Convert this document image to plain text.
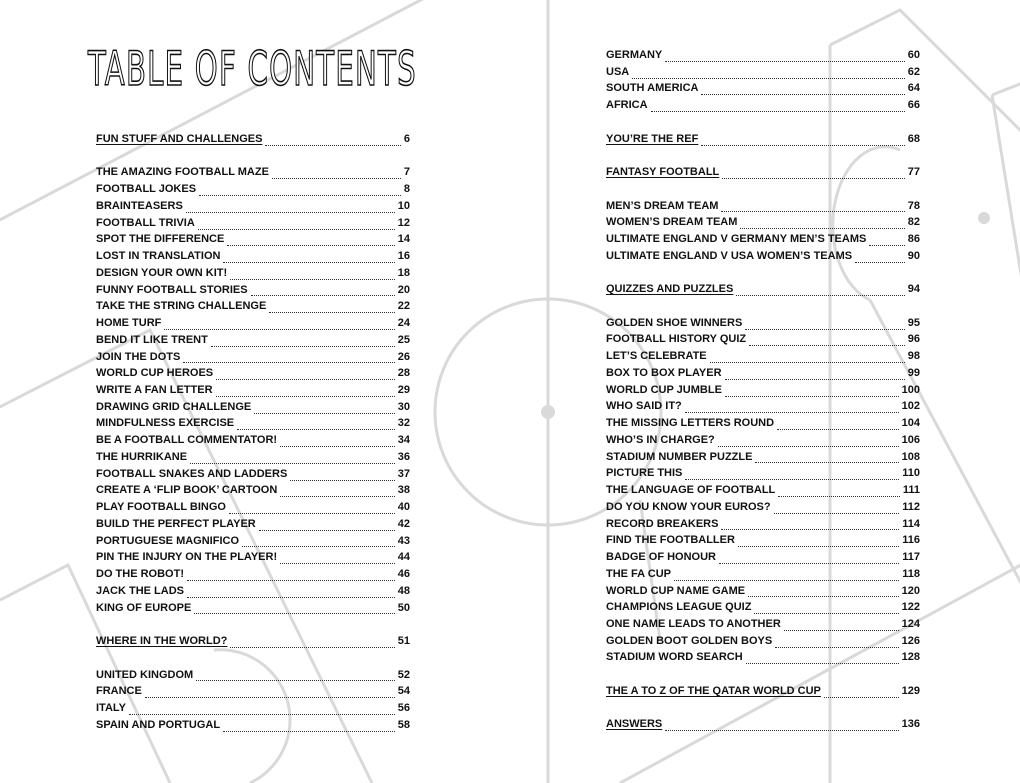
TABLE OF CONTENTS
FUN STUFF AND CHALLENGES	6
THE AMAZING FOOTBALL MAZE	7
FOOTBALL JOKES	8
BRAINTEASERS	10
FOOTBALL TRIVIA	12
SPOT THE DIFFERENCE	14
LOST IN TRANSLATION	16
DESIGN YOUR OWN KIT!	18
FUNNY FOOTBALL STORIES	20
TAKE THE STRING CHALLENGE	22
HOME TURF	24
BEND IT LIKE TRENT	25
JOIN THE DOTS	26
WORLD CUP HEROES	28
WRITE A FAN LETTER	29
DRAWING GRID CHALLENGE	30
MINDFULNESS EXERCISE	32
BE A FOOTBALL COMMENTATOR!	34
THE HURRIKANE	36
FOOTBALL SNAKES AND LADDERS	37
CREATE A ‘FLIP BOOK’ CARTOON	38
PLAY FOOTBALL BINGO	40
BUILD THE PERFECT PLAYER	42
PORTUGUESE MAGNIFICO	43
PIN THE INJURY ON THE PLAYER!	44
DO THE ROBOT!	46
JACK THE LADS	48
KING OF EUROPE	50
WHERE IN THE WORLD?	51
UNITED KINGDOM	52
FRANCE	54
ITALY	56
SPAIN AND PORTUGAL	58
GERMANY	60
USA	62
SOUTH AMERICA	64
AFRICA	66
YOU’RE THE REF	68
FANTASY FOOTBALL	77
MEN’S DREAM TEAM	78
WOMEN’S DREAM TEAM	82
ULTIMATE ENGLAND V GERMANY MEN’S TEAMS	86
ULTIMATE ENGLAND V USA WOMEN’S TEAMS	90
QUIZZES AND PUZZLES	94
GOLDEN SHOE WINNERS	95
FOOTBALL HISTORY QUIZ	96
LET’S CELEBRATE	98
BOX TO BOX PLAYER	99
WORLD CUP JUMBLE	100
WHO SAID IT?	102
THE MISSING LETTERS ROUND	104
WHO’S IN CHARGE?	106
STADIUM NUMBER PUZZLE	108
PICTURE THIS	110
THE LANGUAGE OF FOOTBALL	111
DO YOU KNOW YOUR EUROS?	112
RECORD BREAKERS	114
FIND THE FOOTBALLER	116
BADGE OF HONOUR	117
THE FA CUP	118
WORLD CUP NAME GAME	120
CHAMPIONS LEAGUE QUIZ	122
ONE NAME LEADS TO ANOTHER	124
GOLDEN BOOT GOLDEN BOYS	126
STADIUM WORD SEARCH	128
THE A TO Z OF THE QATAR WORLD CUP	129
ANSWERS	136
